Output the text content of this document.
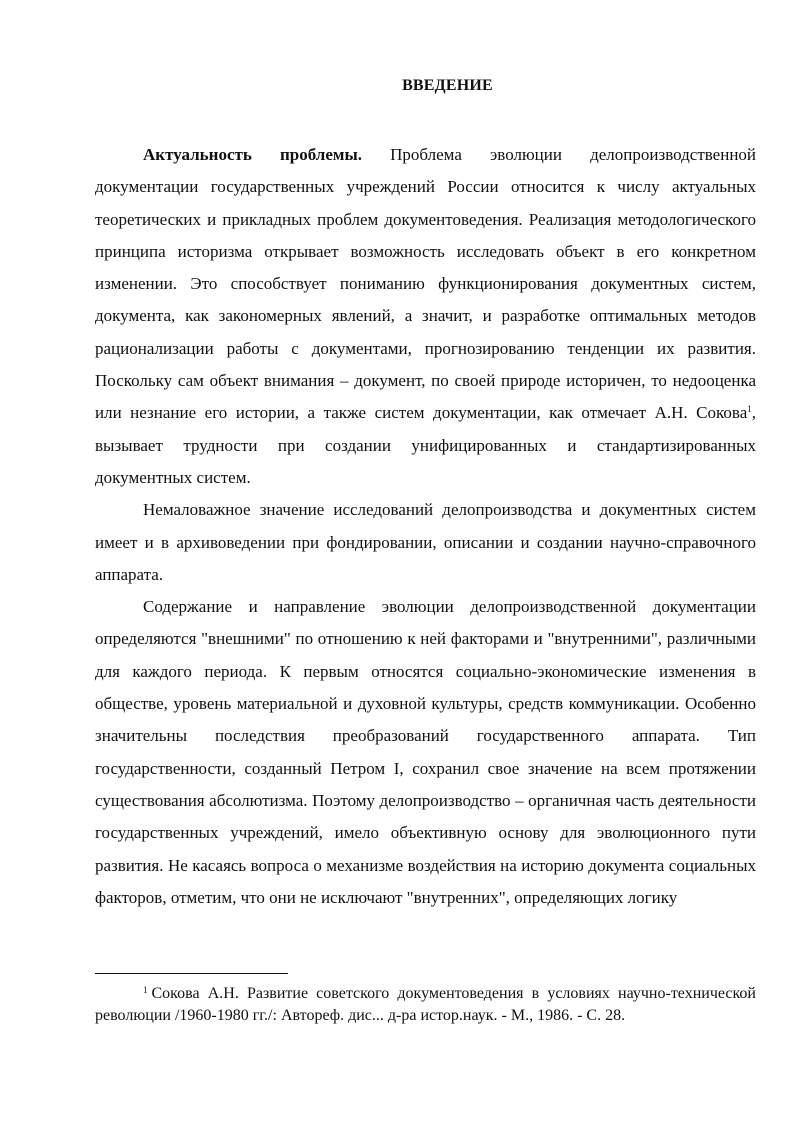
ВВЕДЕНИЕ

Актуальность проблемы. Проблема эволюции делопроизводственной документации государственных учреждений России относится к числу актуальных теоретических и прикладных проблем документоведения. Реализация методологического принципа историзма открывает возможность исследовать объект в его конкретном изменении. Это способствует пониманию функционирования документных систем, документа, как закономерных явлений, а значит, и разработке оптимальных методов рационализации работы с документами, прогнозированию тенденции их развития. Поскольку сам объект внимания – документ, по своей природе историчен, то недооценка или незнание его истории, а также систем документации, как отмечает А.Н. Сокова$^1$, вызывает трудности при создании унифицированных и стандартизированных документных систем.

Немаловажное значение исследований делопроизводства и документных систем имеет и в архивоведении при фондировании, описании и создании научно-справочного аппарата.

Содержание и направление эволюции делопроизводственной документации определяются "внешними" по отношению к ней факторами и "внутренними", различными для каждого периода. К первым относятся социально-экономические изменения в обществе, уровень материальной и духовной культуры, средств коммуникации. Особенно значительны последствия преобразований государственного аппарата. Тип государственности, созданный Петром I, сохранил свое значение на всем протяжении существования абсолютизма. Поэтому делопроизводство – органичная часть деятельности государственных учреждений, имело объективную основу для эволюционного пути развития. Не касаясь вопроса о механизме воздействия на историю документа социальных факторов, отметим, что они не исключают "внутренних", определяющих логику

$^1$ Сокова А.Н. Развитие советского документоведения в условиях научно-технической революции /1960-1980 гг./: Автореф. дис... д-ра истор.наук. - М., 1986. - С. 28.
